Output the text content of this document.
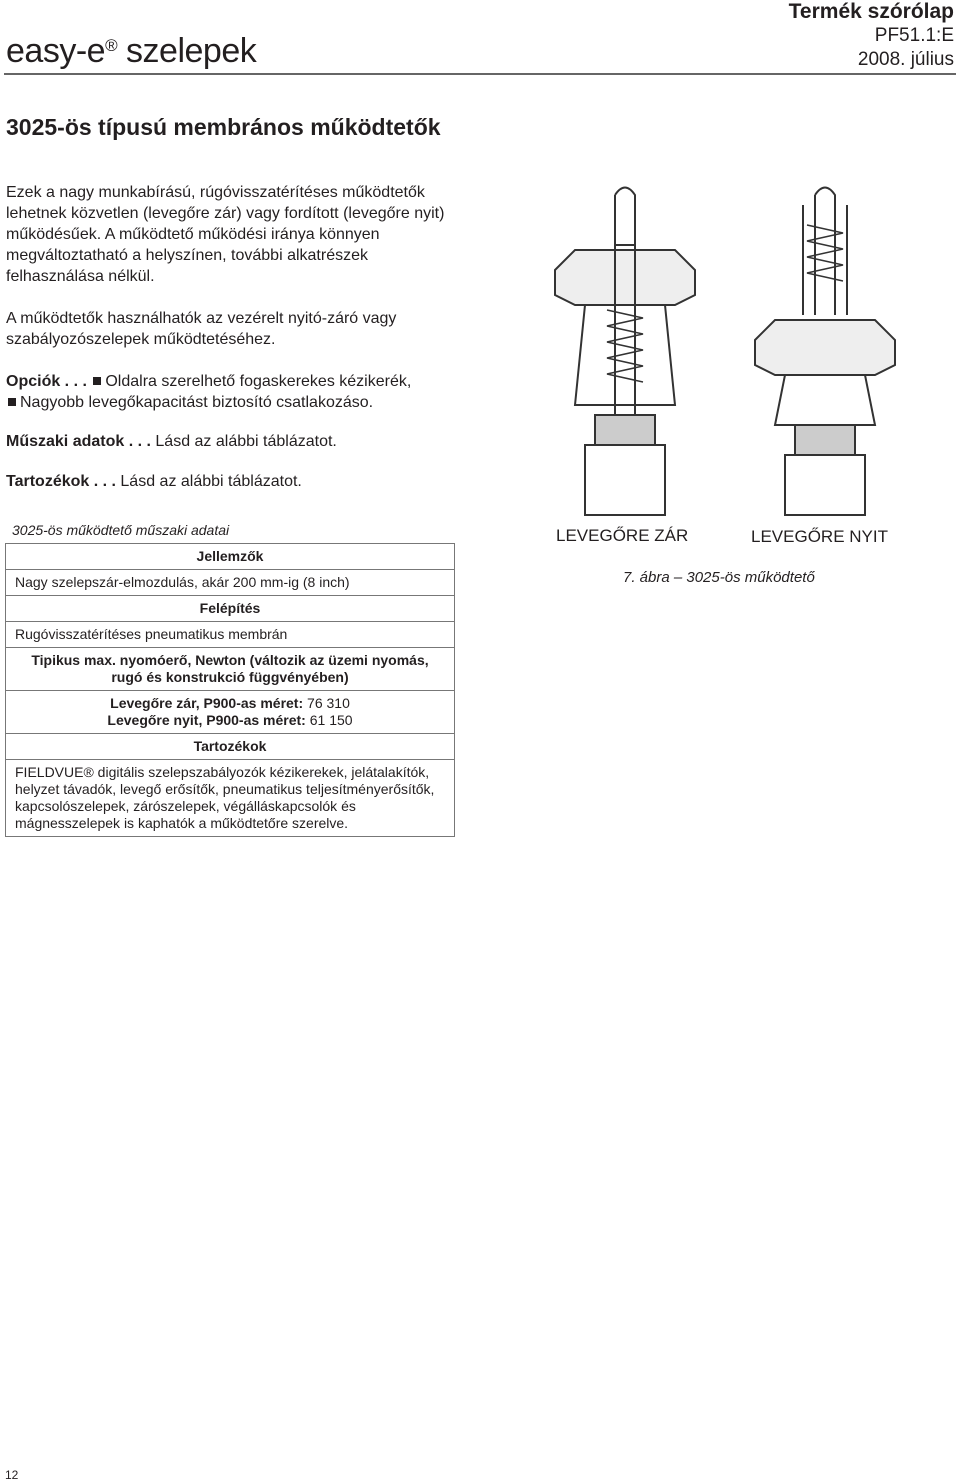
easy-e® szelepek
Termék szórólap
PF51.1:E
2008. július
3025-ös típusú membrános működtetők
Ezek a nagy munkabírású, rúgóvisszatérítéses működtetők lehetnek közvetlen (levegőre zár) vagy fordított (levegőre nyit) működésűek. A működtető működési iránya könnyen megváltoztatható a helyszínen, további alkatrészek felhasználása nélkül.
A működtetők használhatók az vezérelt nyitó-záró vagy szabályozószelepek működtetéséhez.
Opciók . . . Oldalra szerelhető fogaskerekes kézikerék,
Nagyobb levegőkapacitást biztosító csatlakozáso.
Műszaki adatok . . . Lásd az alábbi táblázatot.
Tartozékok . . . Lásd az alábbi táblázatot.
3025-ös működtető műszaki adatai
Jellemzők
Nagy szelepszár-elmozdulás, akár 200 mm-ig (8 inch)
Felépítés
Rugóvisszatérítéses pneumatikus membrán
Tipikus max. nyomóerő, Newton (változik az üzemi nyomás,
rugó és konstrukció függvényében)
Levegőre zár, P900-as méret: 76 310
Levegőre nyit, P900-as méret: 61 150
Tartozékok
FIELDVUE® digitális szelepszabályozók kézikerekek, jelátalakítók,
helyzet távadók, levegő erősítők, pneumatikus teljesítményerősítők,
kapcsolószelepek, zárószelepek, végálláskapcsolók és
mágnesszelepek is kaphatók a működtetőre szerelve.
LEVEGŐRE ZÁR	LEVEGŐRE NYIT
7. ábra – 3025-ös működtető
12
